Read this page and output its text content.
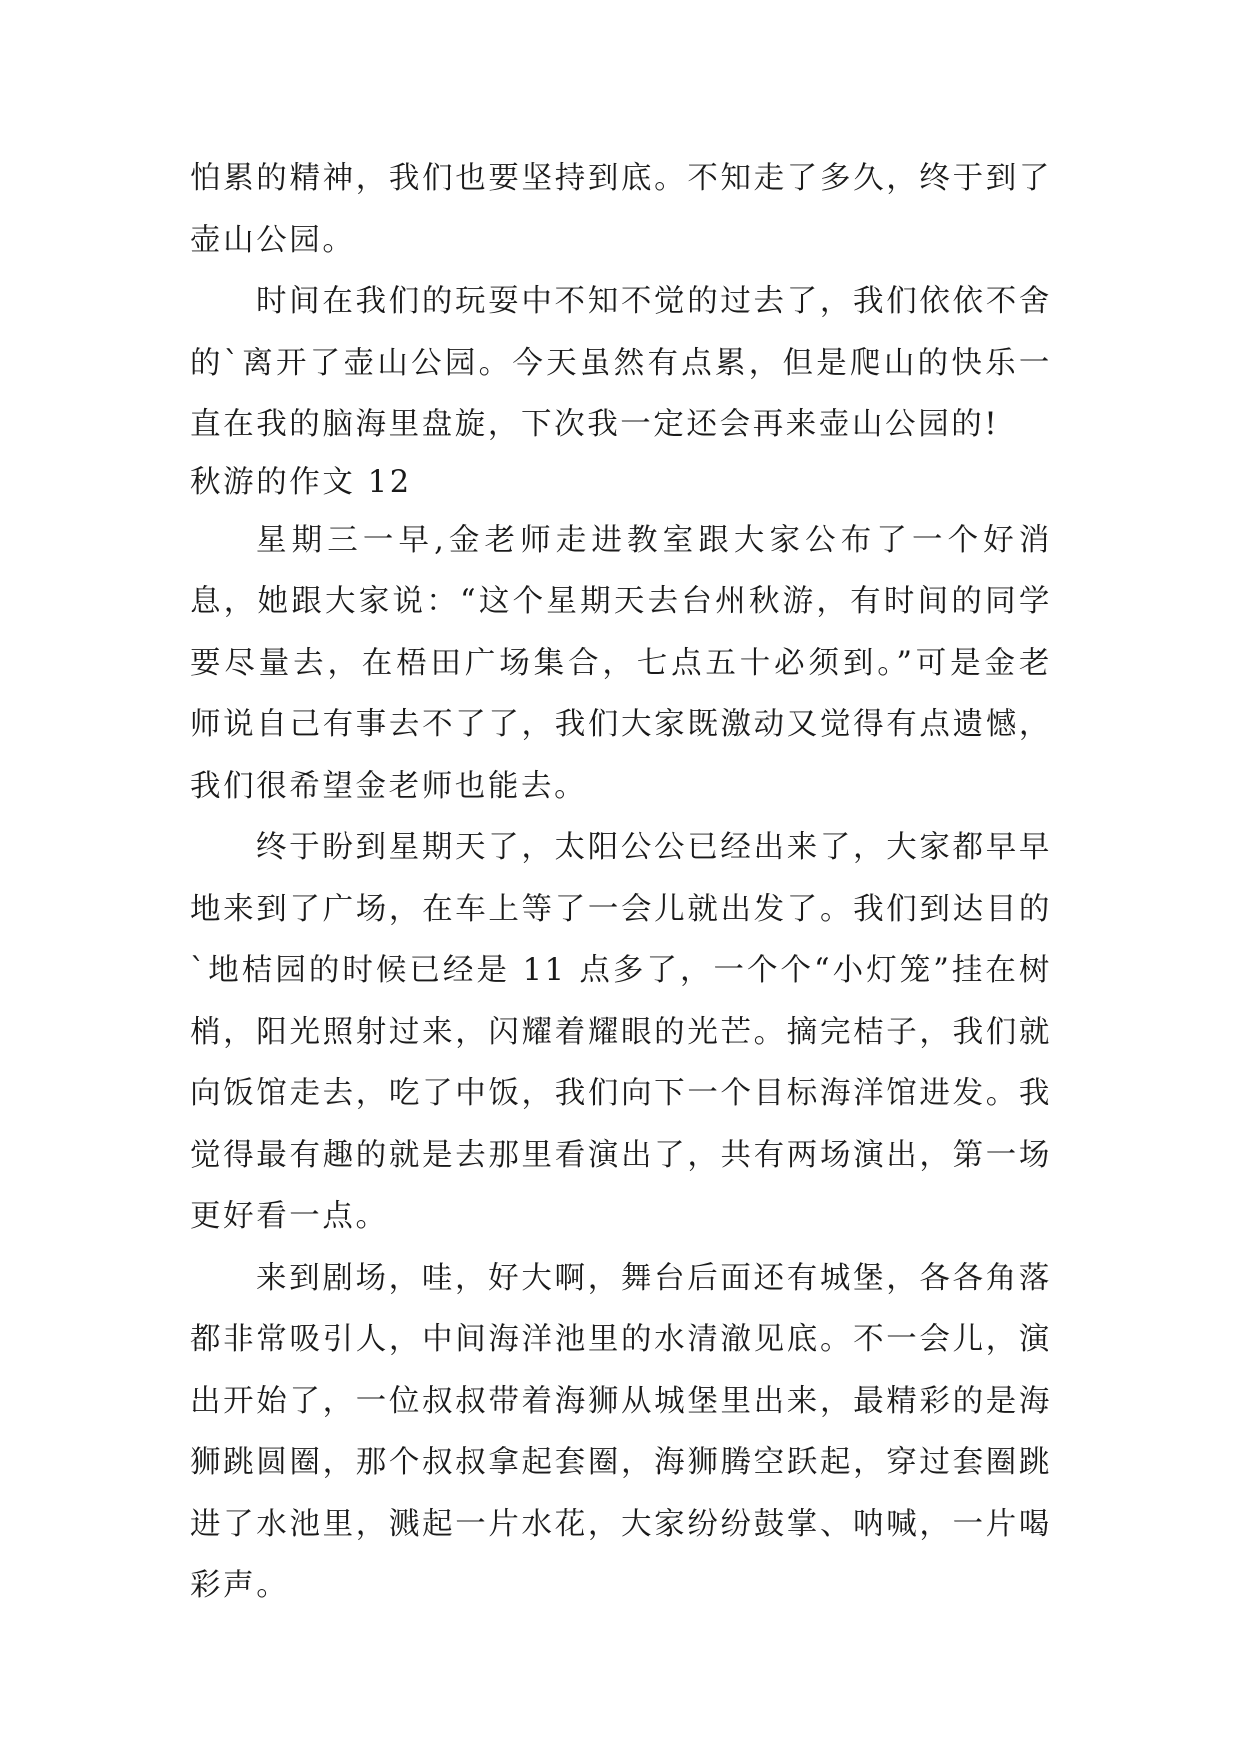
怕累的精神，我们也要坚持到底。不知走了多久，终于到了壶山公园。

时间在我们的玩耍中不知不觉的过去了，我们依依不舍的`离开了壶山公园。今天虽然有点累，但是爬山的快乐一直在我的脑海里盘旋，下次我一定还会再来壶山公园的!

秋游的作文 12

星期三一早,金老师走进教室跟大家公布了一个好消息，她跟大家说：“这个星期天去台州秋游，有时间的同学要尽量去，在梧田广场集合，七点五十必须到。”可是金老师说自己有事去不了了，我们大家既激动又觉得有点遗憾，我们很希望金老师也能去。

终于盼到星期天了，太阳公公已经出来了，大家都早早地来到了广场，在车上等了一会儿就出发了。我们到达目的`地桔园的时候已经是 11 点多了，一个个“小灯笼”挂在树梢，阳光照射过来，闪耀着耀眼的光芒。摘完桔子，我们就向饭馆走去，吃了中饭，我们向下一个目标海洋馆进发。我觉得最有趣的就是去那里看演出了，共有两场演出，第一场更好看一点。

来到剧场，哇，好大啊，舞台后面还有城堡，各各角落都非常吸引人，中间海洋池里的水清澈见底。不一会儿，演出开始了，一位叔叔带着海狮从城堡里出来，最精彩的是海狮跳圆圈，那个叔叔拿起套圈，海狮腾空跃起，穿过套圈跳进了水池里，溅起一片水花，大家纷纷鼓掌、呐喊，一片喝彩声。
